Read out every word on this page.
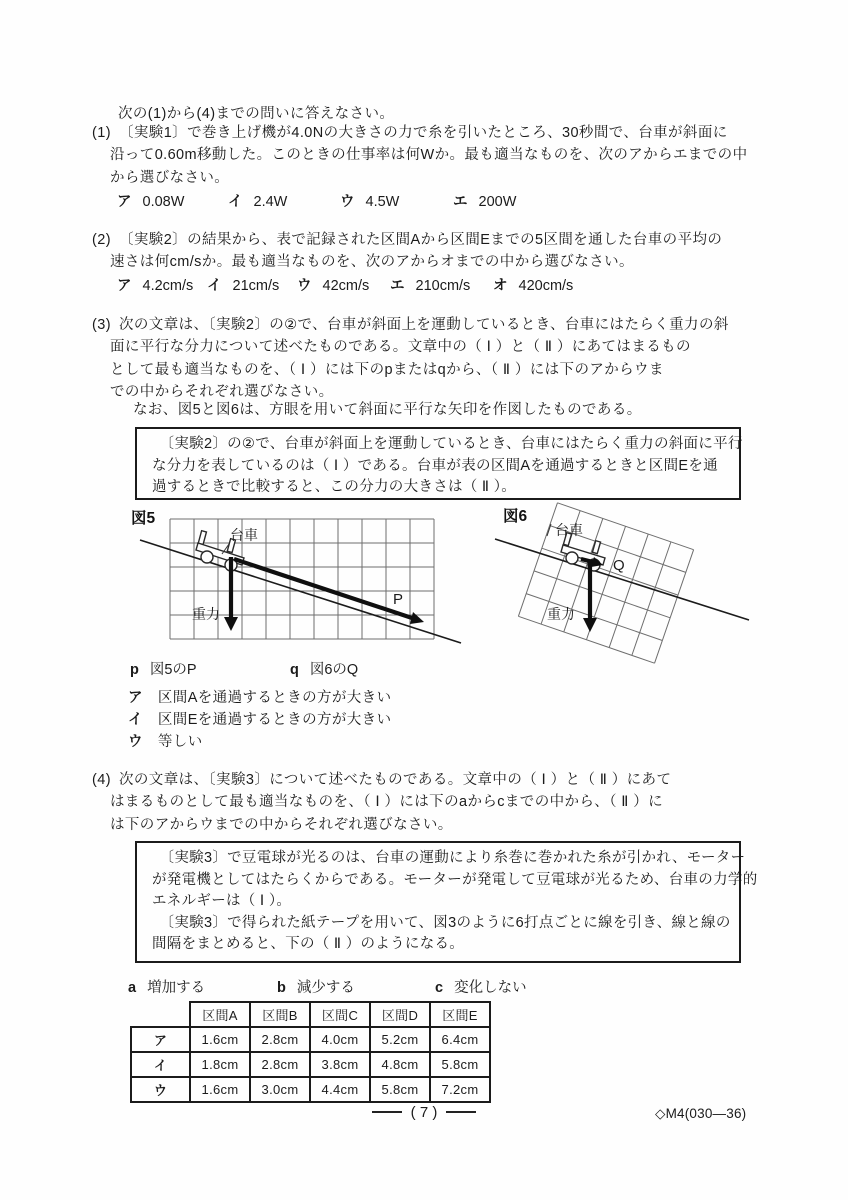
次の(1)から(4)までの問いに答えなさい。
(1) 〔実験1〕で巻き上げ機が4.0Nの大きさの力で糸を引いたところ、30秒間で、台車が斜面に
沿って0.60m移動した。このときの仕事率は何Wか。最も適当なものを、次のアからエまでの中
から選びなさい。
ア 0.08W	イ 2.4W	ウ 4.5W	エ 200W
(2) 〔実験2〕の結果から、表で記録された区間Aから区間Eまでの5区間を通した台車の平均の
速さは何cm/sか。最も適当なものを、次のアからオまでの中から選びなさい。
ア 4.2cm/s イ 21cm/s ウ 42cm/s エ 210cm/s オ 420cm/s
(3) 次の文章は、〔実験2〕の②で、台車が斜面上を運動しているとき、台車にはたらく重力の斜
面に平行な分力について述べたものである。文章中の（ Ⅰ ）と（ Ⅱ ）にあてはまるもの
として最も適当なものを、（ Ⅰ ）には下のpまたはqから、（ Ⅱ ）には下のアからウま
での中からそれぞれ選びなさい。
なお、図5と図6は、方眼を用いて斜面に平行な矢印を作図したものである。
　〔実験2〕の②で、台車が斜面上を運動しているとき、台車にはたらく重力の斜面に平行
な分力を表しているのは（ Ⅰ ）である。台車が表の区間Aを通過するときと区間Eを通
過するときで比較すると、この分力の大きさは（ Ⅱ ）。
図5
台車
重力
P
図6
台車
Q
重力
p 図5のP	q 図6のQ
ア 区間Aを通過するときの方が大きい
イ 区間Eを通過するときの方が大きい
ウ 等しい
(4) 次の文章は、〔実験3〕について述べたものである。文章中の（ Ⅰ ）と（ Ⅱ ）にあて
はまるものとして最も適当なものを、（ Ⅰ ）には下のaからcまでの中から、（ Ⅱ ）に
は下のアからウまでの中からそれぞれ選びなさい。
　〔実験3〕で豆電球が光るのは、台車の運動により糸巻に巻かれた糸が引かれ、モーター
が発電機としてはたらくからである。モーターが発電して豆電球が光るため、台車の力学的
エネルギーは（ Ⅰ ）。
　〔実験3〕で得られた紙テープを用いて、図3のように6打点ごとに線を引き、線と線の
間隔をまとめると、下の（ Ⅱ ）のようになる。
a 増加する	b 減少する	c 変化しない
	区間A	区間B	区間C	区間D	区間E
ア	1.6cm	2.8cm	4.0cm	5.2cm	6.4cm
イ	1.8cm	2.8cm	3.8cm	4.8cm	5.8cm
ウ	1.6cm	3.0cm	4.4cm	5.8cm	7.2cm
( 7 )	◇M4(030—36)
